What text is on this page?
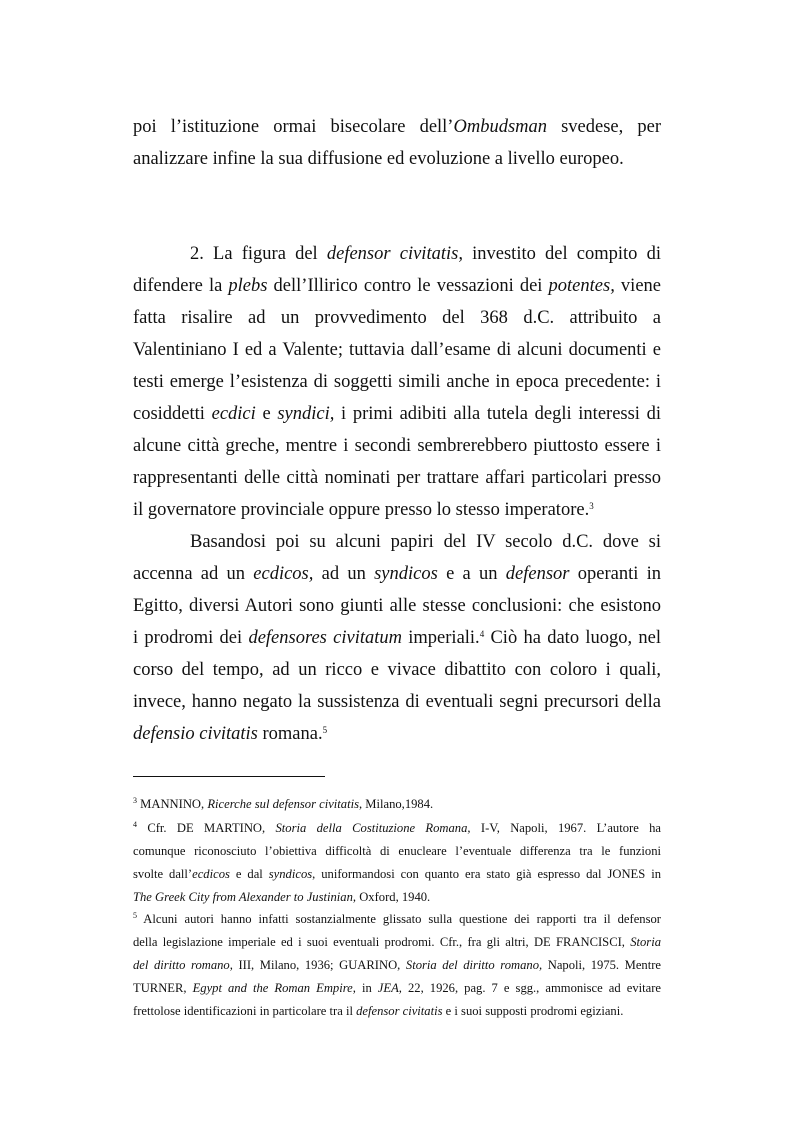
poi l’istituzione ormai bisecolare dell’Ombudsman svedese, per
analizzare infine la sua diffusione ed evoluzione a livello europeo.
2. La figura del defensor civitatis, investito del compito di
difendere la plebs dell’Illirico contro le vessazioni dei potentes, viene
fatta risalire ad un provvedimento del 368 d.C. attribuito a
Valentiniano I ed a Valente; tuttavia dall’esame di alcuni documenti e
testi emerge l’esistenza di soggetti simili anche in epoca precedente: i
cosiddetti ecdici e syndici, i primi adibiti alla tutela degli interessi di
alcune città greche, mentre i secondi sembrerebbero piuttosto essere i
rappresentanti delle città nominati per trattare affari particolari presso
il governatore provinciale oppure presso lo stesso imperatore.$^3$
Basandosi poi su alcuni papiri del IV secolo d.C. dove si
accenna ad un ecdicos, ad un syndicos e a un defensor operanti in
Egitto, diversi Autori sono giunti alle stesse conclusioni: che esistono
i prodromi dei defensores civitatum imperiali.$^4$ Ciò ha dato luogo, nel
corso del tempo, ad un ricco e vivace dibattito con coloro i quali,
invece, hanno negato la sussistenza di eventuali segni precursori della
defensio civitatis romana.$^5$
$^3$ MANNINO, Ricerche sul defensor civitatis, Milano,1984.
$^4$ Cfr. DE MARTINO, Storia della Costituzione Romana, I-V, Napoli, 1967. L’autore ha
comunque riconosciuto l’obiettiva difficoltà di enucleare l’eventuale differenza tra le funzioni
svolte dall’ecdicos e dal syndicos, uniformandosi con quanto era stato già espresso dal JONES in
The Greek City from Alexander to Justinian, Oxford, 1940.
$^5$ Alcuni autori hanno infatti sostanzialmente glissato sulla questione dei rapporti tra il defensor
della legislazione imperiale ed i suoi eventuali prodromi. Cfr., fra gli altri, DE FRANCISCI, Storia
del diritto romano, III, Milano, 1936; GUARINO, Storia del diritto romano, Napoli, 1975. Mentre
TURNER, Egypt and the Roman Empire, in JEA, 22, 1926, pag. 7 e sgg., ammonisce ad evitare
frettolose identificazioni in particolare tra il defensor civitatis e i suoi supposti prodromi egiziani.
